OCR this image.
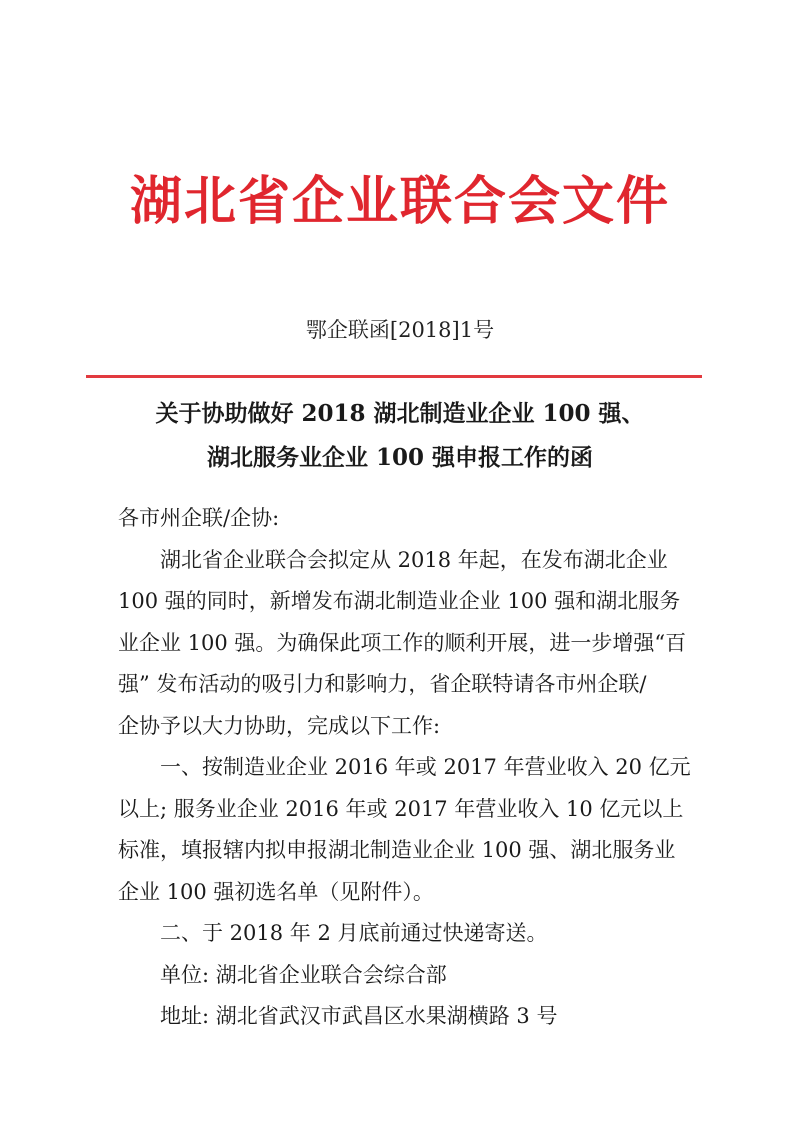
湖北省企业联合会文件
鄂企联函[2018]1号
关于协助做好 2018 湖北制造业企业 100 强、
湖北服务业企业 100 强申报工作的函
各市州企联/企协:
湖北省企业联合会拟定从 2018 年起，在发布湖北企业
100 强的同时，新增发布湖北制造业企业 100 强和湖北服务
业企业 100 强。为确保此项工作的顺利开展，进一步增强“百
强” 发布活动的吸引力和影响力，省企联特请各市州企联/
企协予以大力协助，完成以下工作:
一、按制造业企业 2016 年或 2017 年营业收入 20 亿元
以上; 服务业企业 2016 年或 2017 年营业收入 10 亿元以上
标准，填报辖内拟申报湖北制造业企业 100 强、湖北服务业
企业 100 强初选名单（见附件）。
二、于 2018 年 2 月底前通过快递寄送。
单位: 湖北省企业联合会综合部
地址: 湖北省武汉市武昌区水果湖横路 3 号
